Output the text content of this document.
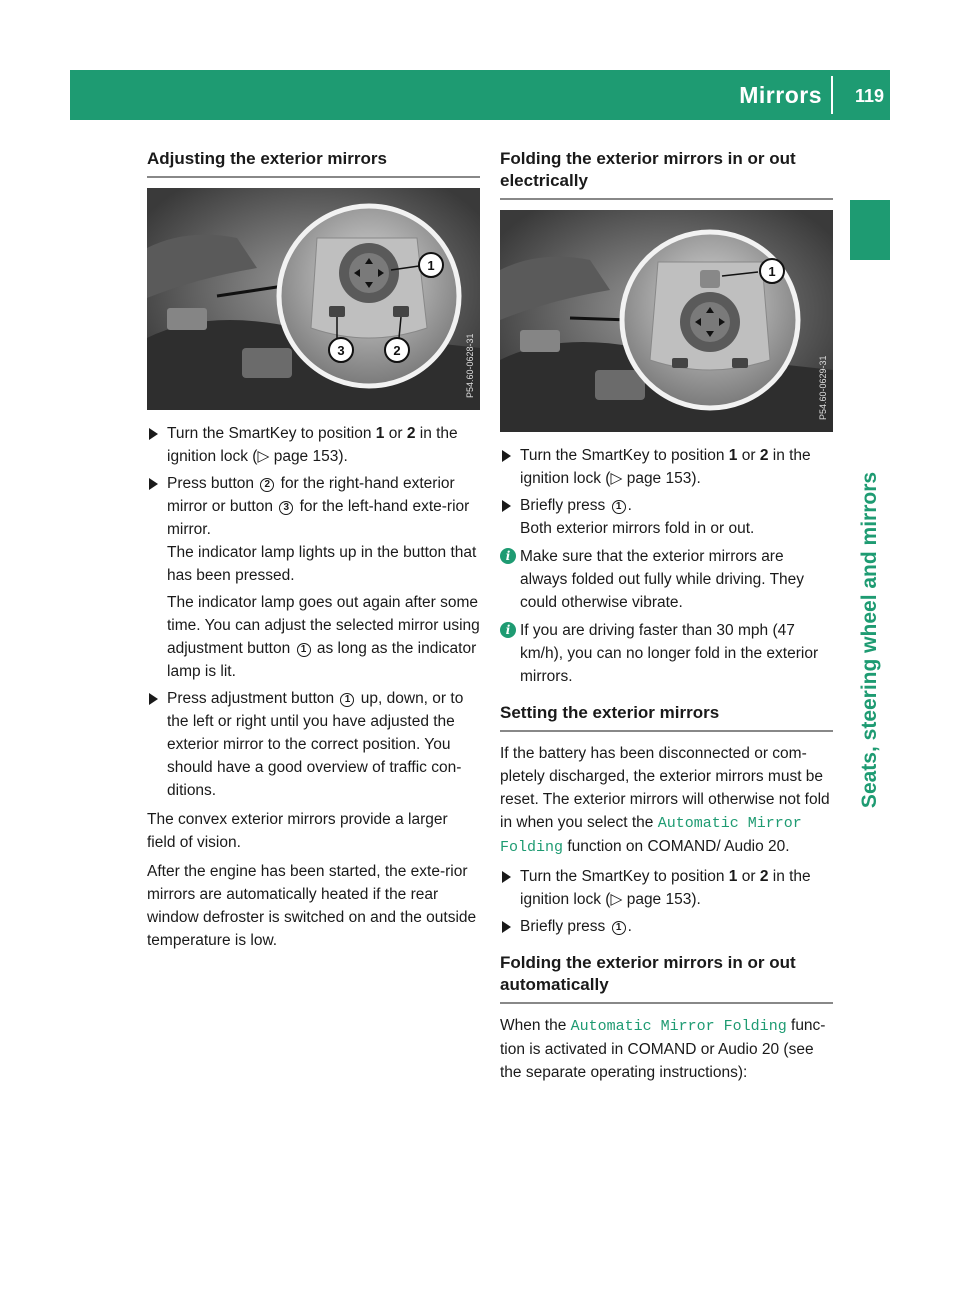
Mirrors 119
Seats, steering wheel and mirrors
Adjusting the exterior mirrors
1
3	2	P54.60-0628-31
Turn the SmartKey to position 1 or 2 in the ignition lock (▷ page 153).
Press button 2 for the right-hand exterior mirror or button 3 for the left-hand exte-rior mirror.
The indicator lamp lights up in the button that has been pressed.
The indicator lamp goes out again after some time. You can adjust the selected mirror using adjustment button 1 as long as the indicator lamp is lit.
Press adjustment button 1 up, down, or to the left or right until you have adjusted the exterior mirror to the correct position. You should have a good overview of traffic con-ditions.

The convex exterior mirrors provide a larger field of vision.

After the engine has been started, the exte-rior mirrors are automatically heated if the rear window defroster is switched on and the outside temperature is low.

Folding the exterior mirrors in or out electrically
1
P54.60-0629-31
Turn the SmartKey to position 1 or 2 in the ignition lock (▷ page 153).
Briefly press 1 .
Both exterior mirrors fold in or out.
i Make sure that the exterior mirrors are always folded out fully while driving. They could otherwise vibrate.
i If you are driving faster than 30 mph (47 km/h), you can no longer fold in the exterior mirrors.
Setting the exterior mirrors

If the battery has been disconnected or com-pletely discharged, the exterior mirrors must be reset. The exterior mirrors will otherwise not fold in when you select the Automatic Mirror Folding function on COMAND/ Audio 20.

Turn the SmartKey to position 1 or 2 in the ignition lock (▷ page 153).
Briefly press 1 .
Folding the exterior mirrors in or out automatically

When the Automatic Mirror Folding func-tion is activated in COMAND or Audio 20 (see the separate operating instructions):
